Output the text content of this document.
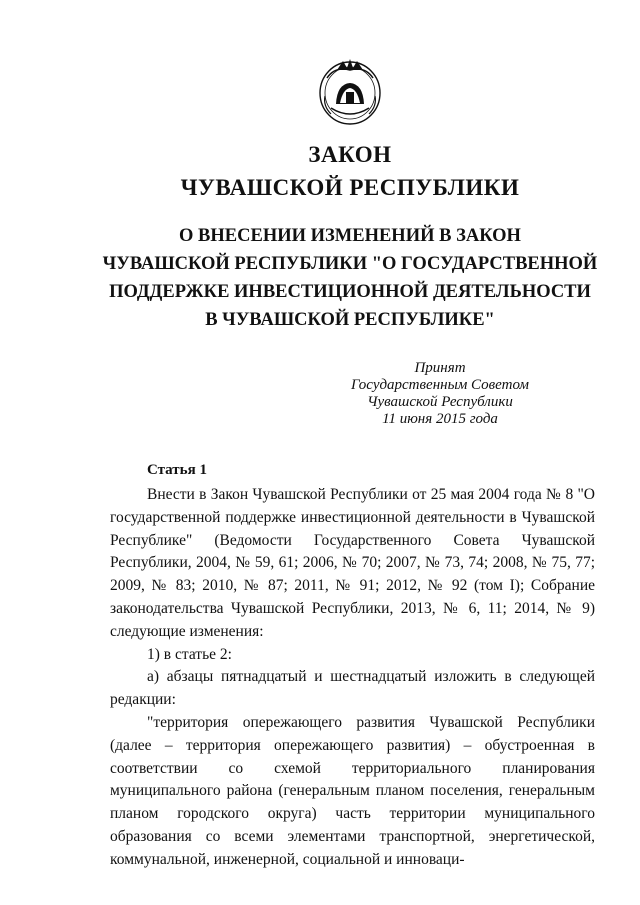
ЗАКОН
ЧУВАШСКОЙ РЕСПУБЛИКИ
О ВНЕСЕНИИ ИЗМЕНЕНИЙ В ЗАКОН
ЧУВАШСКОЙ РЕСПУБЛИКИ "О ГОСУДАРСТВЕННОЙ
ПОДДЕРЖКЕ ИНВЕСТИЦИОННОЙ ДЕЯТЕЛЬНОСТИ
В ЧУВАШСКОЙ РЕСПУБЛИКЕ"
Принят
Государственным Советом
Чувашской Республики
11 июня 2015 года
Статья 1

Внести в Закон Чувашской Республики от 25 мая 2004 года № 8 "О государственной поддержке инвестиционной деятельности в Чувашской Республике" (Ведомости Государственного Совета Чувашской Республики, 2004, № 59, 61; 2006, № 70; 2007, № 73, 74; 2008, № 75, 77; 2009, № 83; 2010, № 87; 2011, № 91; 2012, № 92 (том I); Собрание законодательства Чувашской Республики, 2013, № 6, 11; 2014, № 9) следующие изменения:

1) в статье 2:

а) абзацы пятнадцатый и шестнадцатый изложить в следующей редакции:

"территория опережающего развития Чувашской Республики (далее – территория опережающего развития) – обустроенная в соответствии со схемой территориального планирования муниципального района (генеральным планом поселения, генеральным планом городского округа) часть территории муниципального образования со всеми элементами транспортной, энергетической, коммунальной, инженерной, социальной и инноваци-
